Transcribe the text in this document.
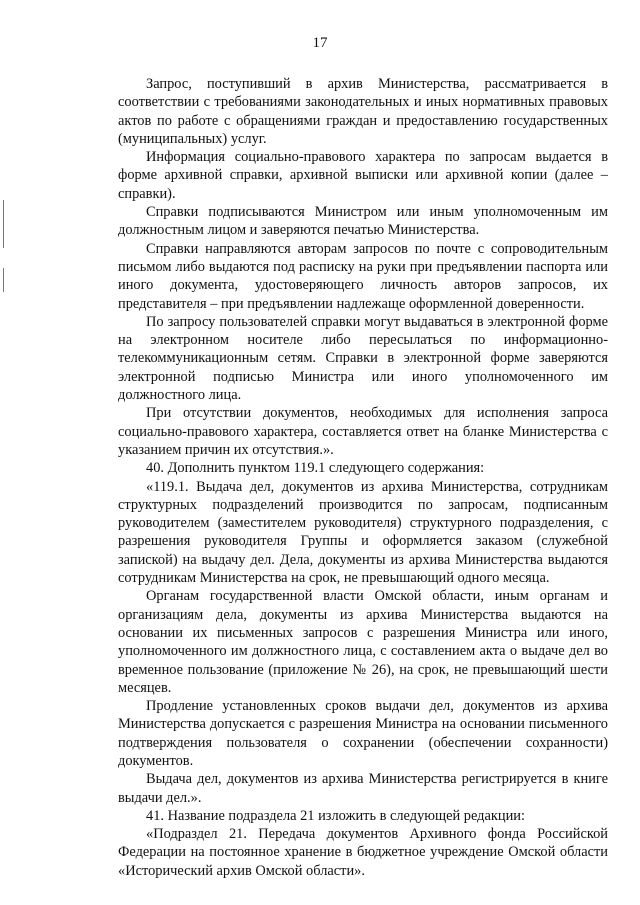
17

Запрос, поступивший в архив Министерства, рассматривается в соответствии с требованиями законодательных и иных нормативных правовых актов по работе с обращениями граждан и предоставлению государственных (муниципальных) услуг.

Информация социально-правового характера по запросам выдается в форме архивной справки, архивной выписки или архивной копии (далее – справки).

Справки подписываются Министром или иным уполномоченным им должностным лицом и заверяются печатью Министерства.

Справки направляются авторам запросов по почте с сопроводительным письмом либо выдаются под расписку на руки при предъявлении паспорта или иного документа, удостоверяющего личность авторов запросов, их представителя – при предъявлении надлежаще оформленной доверенности.

По запросу пользователей справки могут выдаваться в электронной форме на электронном носителе либо пересылаться по информационно-телекоммуникационным сетям. Справки в электронной форме заверяются электронной подписью Министра или иного уполномоченного им должностного лица.

При отсутствии документов, необходимых для исполнения запроса социально-правового характера, составляется ответ на бланке Министерства с указанием причин их отсутствия.».

40. Дополнить пунктом 119.1 следующего содержания:

«119.1. Выдача дел, документов из архива Министерства, сотрудникам структурных подразделений производится по запросам, подписанным руководителем (заместителем руководителя) структурного подразделения, с разрешения руководителя Группы и оформляется заказом (служебной запиской) на выдачу дел. Дела, документы из архива Министерства выдаются сотрудникам Министерства на срок, не превышающий одного месяца.

Органам государственной власти Омской области, иным органам и организациям дела, документы из архива Министерства выдаются на основании их письменных запросов с разрешения Министра или иного, уполномоченного им должностного лица, с составлением акта о выдаче дел во временное пользование (приложение № 26), на срок, не превышающий шести месяцев.

Продление установленных сроков выдачи дел, документов из архива Министерства допускается с разрешения Министра на основании письменного подтверждения пользователя о сохранении (обеспечении сохранности) документов.

Выдача дел, документов из архива Министерства регистрируется в книге выдачи дел.».

41. Название подраздела 21 изложить в следующей редакции:

«Подраздел 21. Передача документов Архивного фонда Российской Федерации на постоянное хранение в бюджетное учреждение Омской области «Исторический архив Омской области».
